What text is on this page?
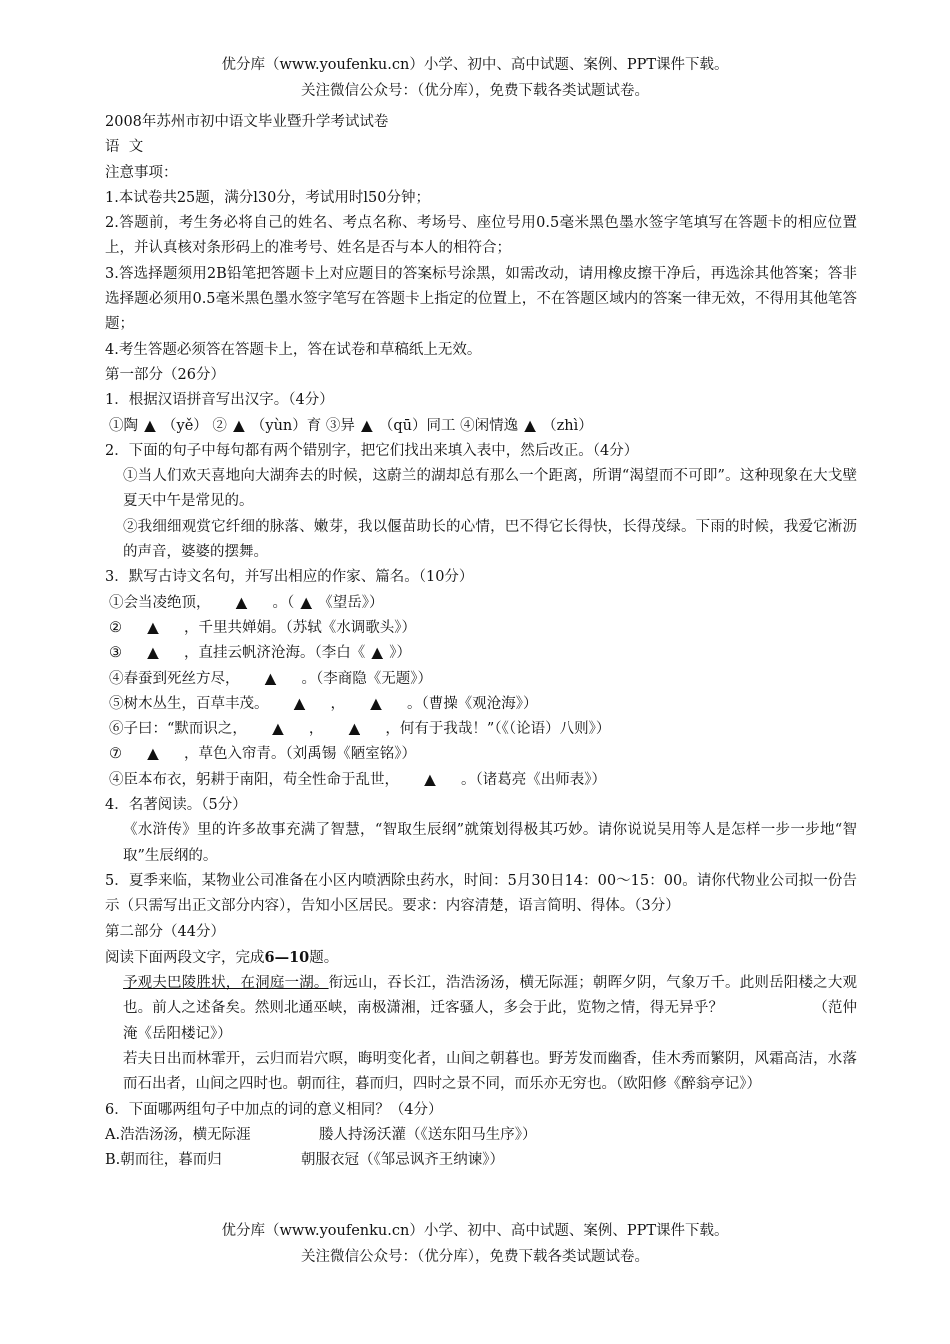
优分库（www.youfenku.cn）小学、初中、高中试题、案例、PPT课件下载。
关注微信公众号：（优分库），免费下载各类试题试卷。

2008年苏州市初中语文毕业暨升学考试试卷

语  文

注意事项：

1.本试卷共25题，满分l30分，考试用时l50分钟；

2.答题前，考生务必将自己的姓名、考点名称、考场号、座位号用0.5毫米黑色墨水签字笔填写在答题卡的相应位置上，并认真核对条形码上的准考号、姓名是否与本人的相符合；

3.答选择题须用2B铅笔把答题卡上对应题目的答案标号涂黑，如需改动，请用橡皮擦干净后，再选涂其他答案；答非选择题必须用0.5毫米黑色墨水签字笔写在答题卡上指定的位置上，不在答题区域内的答案一律无效，不得用其他笔答题；

4.考生答题必须答在答题卡上，答在试卷和草稿纸上无效。

第一部分（26分）

1．根据汉语拼音写出汉字。（4分）

①陶 ▲ （yě） ② ▲ （yùn）育 ③异 ▲ （qū）同工 ④闲情逸 ▲ （zhì）

2．下面的句子中每句都有两个错别字，把它们找出来填入表中，然后改正。（4分）

①当人们欢天喜地向大湖奔去的时候，这蔚兰的湖却总有那么一个距离，所谓“渴望而不可即”。这种现象在大戈壁夏天中午是常见的。

②我细细观赏它纤细的脉落、嫩芽，我以偃苗助长的心情，巴不得它长得快，长得茂绿。下雨的时候，我爱它淅沥的声音，婆婆的摆舞。

3．默写古诗文名句，并写出相应的作家、篇名。（10分）

①会当凌绝顶， ▲ 。（ ▲ 《望岳》）

② ▲ ，千里共婵娟。（苏轼《水调歌头》）

③ ▲ ，直挂云帆济沧海。（李白《 ▲ 》）

④春蚕到死丝方尽， ▲ 。（李商隐《无题》）

⑤树木丛生，百草丰茂。 ▲ ， ▲ 。（曹操《观沧海》）

⑥子曰：“默而识之， ▲ ， ▲ ，何有于我哉！”（《（论语）八则》）

⑦ ▲ ，草色入帘青。（刘禹锡《陋室铭》）

④臣本布衣，躬耕于南阳，苟全性命于乱世， ▲ 。（诸葛亮《出师表》）

4．名著阅读。（5分）

《水浒传》里的许多故事充满了智慧，“智取生辰纲”就策划得极其巧妙。请你说说吴用等人是怎样一步一步地“智取”生辰纲的。

5．夏季来临，某物业公司准备在小区内喷洒除虫药水，时间：5月30日14：00～15：00。请你代物业公司拟一份告示（只需写出正文部分内容），告知小区居民。要求：内容清楚，语言简明、得体。（3分）

第二部分（44分）

阅读下面两段文字，完成6—10题。

予观夫巴陵胜状，在洞庭一湖。衔远山，吞长江，浩浩汤汤，横无际涯；朝晖夕阴，气象万千。此则岳阳楼之大观也。前人之述备矣。然则北通巫峡，南极潇湘，迁客骚人，多会于此，览物之情，得无异乎？	（范仲淹《岳阳楼记》）

若夫日出而林霏开，云归而岩穴暝，晦明变化者，山间之朝暮也。野芳发而幽香，佳木秀而繁阴，风霜高洁，水落而石出者，山间之四时也。朝而往，暮而归，四时之景不同，而乐亦无穷也。（欧阳修《醉翁亭记》）

6．下面哪两组句子中加点的词的意义相同？（4分）

A.浩浩汤汤，横无际涯	媵人持汤沃灌（《送东阳马生序》）

B.朝而往，暮而归	朝服衣冠（《邹忌讽齐王纳谏》）

优分库（www.youfenku.cn）小学、初中、高中试题、案例、PPT课件下载。
关注微信公众号：（优分库），免费下载各类试题试卷。
